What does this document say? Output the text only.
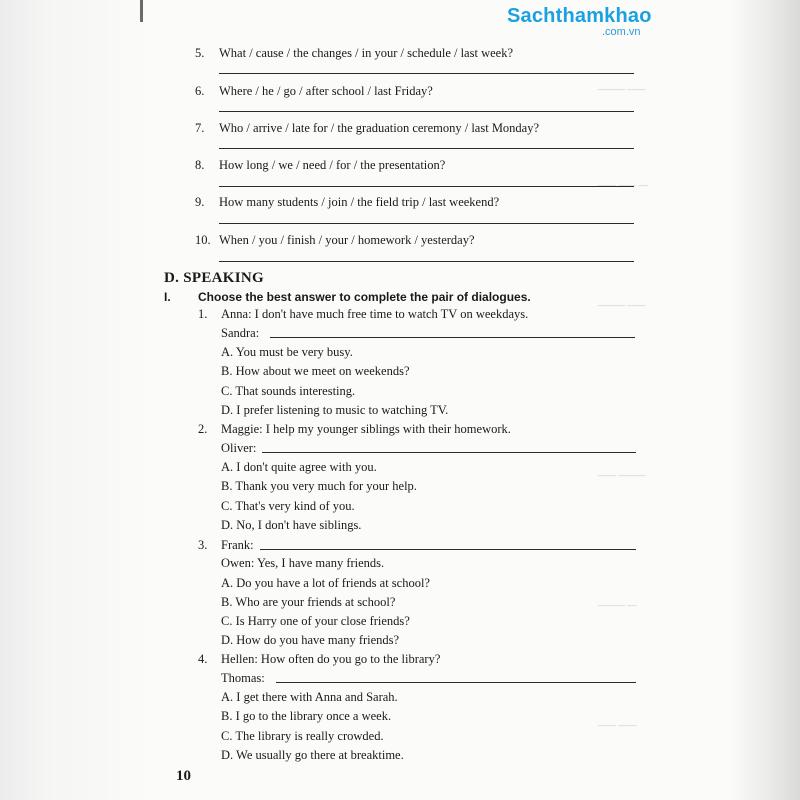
Sachthamkhao
.com.vn
——— ——
—— —— —
——— ——
—— ———
——— —
—— ——
5. What / cause / the changes / in your / schedule / last week?
6. Where / he / go / after school / last Friday?
7. Who / arrive / late for / the graduation ceremony / last Monday?
8. How long / we / need / for / the presentation?
9. How many students / join / the field trip / last weekend?
10. When / you / finish / your / homework / yesterday?
D. SPEAKING
I. Choose the best answer to complete the pair of dialogues.
1. Anna: I don't have much free time to watch TV on weekdays.
Sandra:
A. You must be very busy.
B. How about we meet on weekends?
C. That sounds interesting.
D. I prefer listening to music to watching TV.
2. Maggie: I help my younger siblings with their homework.
Oliver:
A. I don't quite agree with you.
B. Thank you very much for your help.
C. That's very kind of you.
D. No, I don't have siblings.
3. Frank:
Owen: Yes, I have many friends.
A. Do you have a lot of friends at school?
B. Who are your friends at school?
C. Is Harry one of your close friends?
D. How do you have many friends?
4. Hellen: How often do you go to the library?
Thomas:
A. I get there with Anna and Sarah.
B. I go to the library once a week.
C. The library is really crowded.
D. We usually go there at breaktime.
10
